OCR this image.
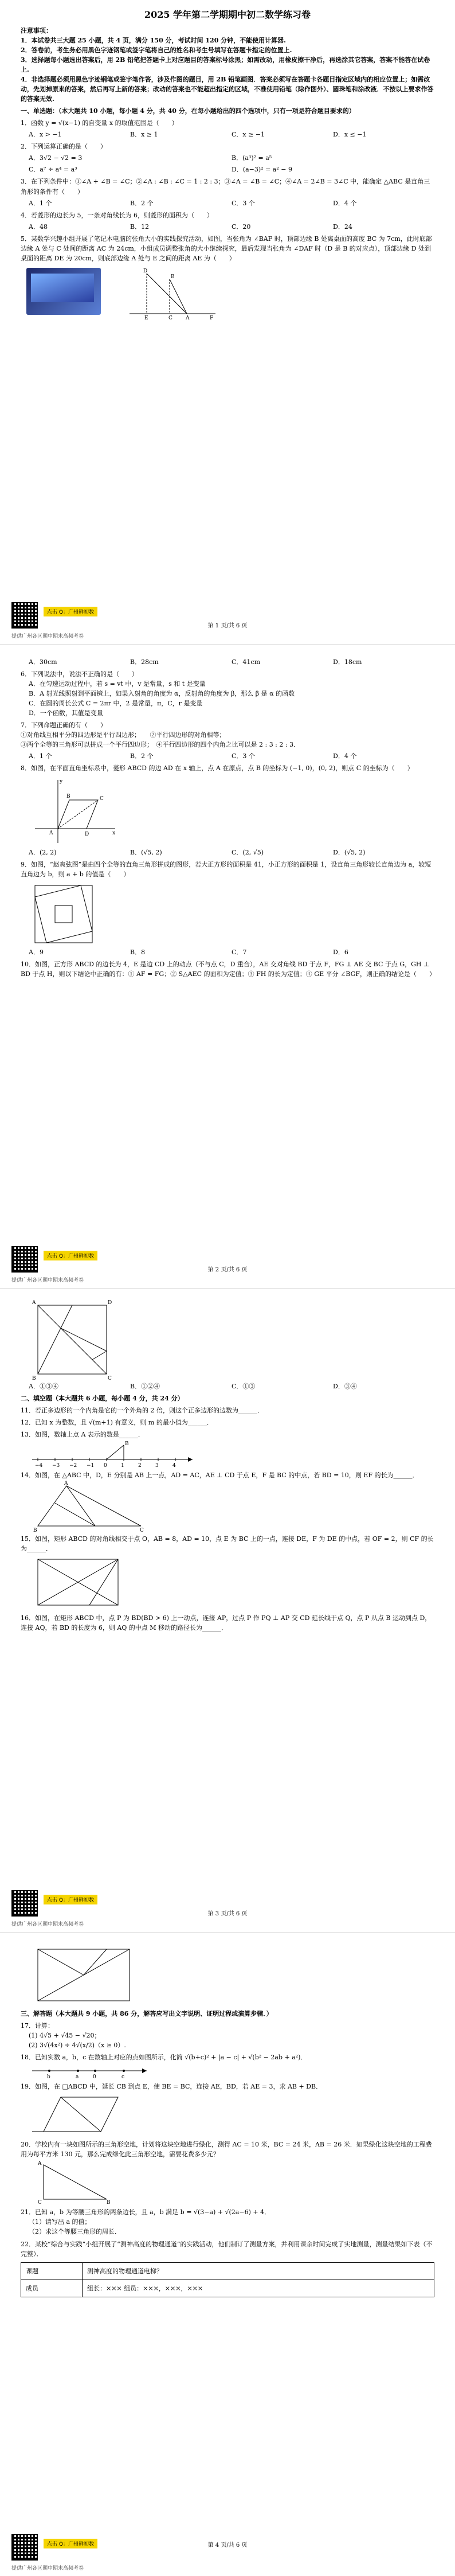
2025 学年第二学期期中初二数学练习卷
注意事项：
1．本试卷共三大题 25 小题，共 4 页，满分 150 分，考试时间 120 分钟，不能使用计算器.
2．答卷前，考生务必用黑色字迹钢笔或签字笔将自己的姓名和考生号填写在答题卡指定的位置上.
3．选择题每小题选出答案后，用 2B 铅笔把答题卡上对应题目的答案标号涂黑；如需改动，用橡皮擦干净后，再选涂其它答案，答案不能答在试卷上.
4．非选择题必须用黑色字迹钢笔或签字笔作答，涉及作图的题目，用 2B 铅笔画图．答案必须写在答题卡各题目指定区域内的相应位置上；如需改动，先划掉原来的答案，然后再写上新的答案；改动的答案也不能超出指定的区域，不准使用铅笔（除作图外）、圆珠笔和涂改液．不按以上要求作答的答案无效.
一、单选题：（本大题共 10 小题，每小题 4 分，共 40 分，在每小题给出的四个选项中，只有一项是符合题目要求的）
1．函数 y = √(x−1) 的自变量 x 的取值范围是（　　）
A．x > −1	B．x ≥ 1	C．x ≥ −1	D．x ≤ −1
2．下列运算正确的是（　　）
A．3√2 − √2 = 3	B．(a³)² = a⁵
C．a⁷ ÷ a⁴ = a³	D．(a−3)² = a² − 9
3．在下列条件中：①∠A + ∠B = ∠C；②∠A : ∠B : ∠C = 1 : 2 : 3；③∠A = ∠B = ∠C；④∠A = 2∠B = 3∠C 中，能确定 △ABC 是直角三角形的条件有（　　）
A．1 个	B．2 个	C．3 个	D．4 个
4．若菱形的边长为 5，一条对角线长为 6，则菱形的面积为（　　）
A．48	B．12	C．20	D．24
5．某数学兴趣小组开展了笔记本电脑的张角大小的实践探究活动，如图，当张角为 ∠BAF 时，顶部边缘 B 处离桌面的高度 BC 为 7cm，此时底部边缘 A 处与 C 处间的距离 AC 为 24cm，小组成员调整张角的大小继续探究，最后发现当张角为 ∠DAF 时（D 是 B 的对应点），顶部边缘 D 处到桌面的距离 DE 为 20cm，则底部边缘 A 处与 E 之间的距离 AE 为（　　）
D
B
E	C	A	F
第 1 页/共 6 页
点击 Q：广州鲜初数
提供广州各区期中期末高频考卷
A．30cm	B．28cm	C．41cm	D．18cm
6．下列说法中，说法不正确的是（　　）
A．在匀速运动过程中，若 s = vt 中，v 是常量，s 和 t 是变量
B．A 射光线照射到平面镜上，如果入射角的角度为 α，反射角的角度为 β，那么 β 是 α 的函数
C．在圆的周长公式 C = 2πr 中，2 是常量，π，C，r 是变量
D．一个函数，其值是变量
7．下列命题正确的有（　　）
①对角线互相平分的四边形是平行四边形；　　②平行四边形的对角相等；
③两个全等的三角形可以拼成一个平行四边形；　④平行四边形的四个内角之比可以是 2 : 3 : 2 : 3．
A．1 个	B．2 个	C．3 个	D．4 个
8．如图，在平面直角坐标系中，菱形 ABCD 的边 AD 在 x 轴上，点 A 在原点，点 B 的坐标为 (−1, 0)，(0, 2)，则点 C 的坐标为（　　）
A	D
C
B
x
y
A．(2, 2)	B．(√5, 2)	C．(2, √5)	D．(√5, 2)
9．如图，“赵爽弦图”是由四个全等的直角三角形拼成的图形，若大正方形的面积是 41，小正方形的面积是 1，设直角三角形较长直角边为 a，较短直角边为 b，则 a + b 的值是（　　）
A．9	B．8	C．7	D．6
10．如图，正方形 ABCD 的边长为 4，E 是边 CD 上的动点（不与点 C，D 重合），AE 交对角线 BD 于点 F，FG ⊥ AE 交 BC 于点 G，GH ⊥ BD 于点 H，则以下结论中正确的有：① AF = FG；② S△AEC 的面积为定值；③ FH 的长为定值；④ GE 平分 ∠BGF，则正确的结论是（　　）
第 2 页/共 6 页
点击 Q：广州鲜初数
提供广州各区期中期末高频考卷
A	D
B	C
A．①③④	B．①②④	C．①③	D．③④
二、填空题（本大题共 6 小题，每小题 4 分，共 24 分）
11．若正多边形的一个内角是它的一个外角的 2 倍，则这个正多边形的边数为______．
12．已知 x 为整数，且 √(m+1) 有意义，则 m 的最小值为______．
13．如图，数轴上点 A 表示的数是______．
−4 −3 −2 −1 0	1	2	3	4
B
14．如图，在 △ABC 中，D，E 分别是 AB 上一点，AD = AC，AE ⊥ CD 于点 E，F 是 BC 的中点，若 BD = 10，则 EF 的长为______．
A
B	C
15．如图，矩形 ABCD 的对角线相交于点 O，AB = 8，AD = 10，点 E 为 BC 上的一点，连接 DE，F 为 DE 的中点，若 OF = 2，则 CF 的长为______．
16．如图，在矩形 ABCD 中，点 P 为 BD(BD > 6) 上一动点，连接 AP，过点 P 作 PQ ⊥ AP 交 CD 延长线于点 Q，点 P 从点 B 运动到点 D，连接 AQ，若 BD 的长度为 6，则 AQ 的中点 M 移动的路径长为______．
第 3 页/共 6 页
点击 Q：广州鲜初数
提供广州各区期中期末高频考卷
三、解答题（本大题共 9 小题，共 86 分，解答应写出文字说明、证明过程或演算步骤．）
17．计算：
(1) 4√5 + √45 − √20；
(2) 3√(4x²) ÷ 4√(x/2)（x ≥ 0）.
18．已知实数 a，b，c 在数轴上对应的点如图所示，化简 √(b+c)² + |a − c| + √(b² − 2ab + a²)．
b	a	0	c
19．如图，在 □ABCD 中，延长 CB 到点 E，使 BE = BC，连接 AE，BD，若 AE = 3，求 AB + DB．
20．学校内有一块如图所示的三角形空地，计划将这块空地进行绿化，测得 AC = 10 米，BC = 24 米，AB = 26 米．如果绿化这块空地的工程费用为每平方米 130 元，那么完成绿化此三角形空地，需要花费多少元？
A
C	B
21．已知 a，b 为等腰三角形的两条边长，且 a，b 满足 b = √(3−a) + √(2a−6) + 4．
（1）请写出 a 的值；
（2）求这个等腰三角形的周长．
22．某校“综合与实践”小组开展了“测神高度的物理通道”的实践活动，他们制订了测量方案，并利用课余时间完成了实地测量，测量结果如下表（不完整）．
课题	测神高度的物理通道电梯？
成员	组长：××× 组员：×××，×××，×××
第 4 页/共 6 页
点击 Q：广州鲜初数
提供广州各区期中期末高频考卷
